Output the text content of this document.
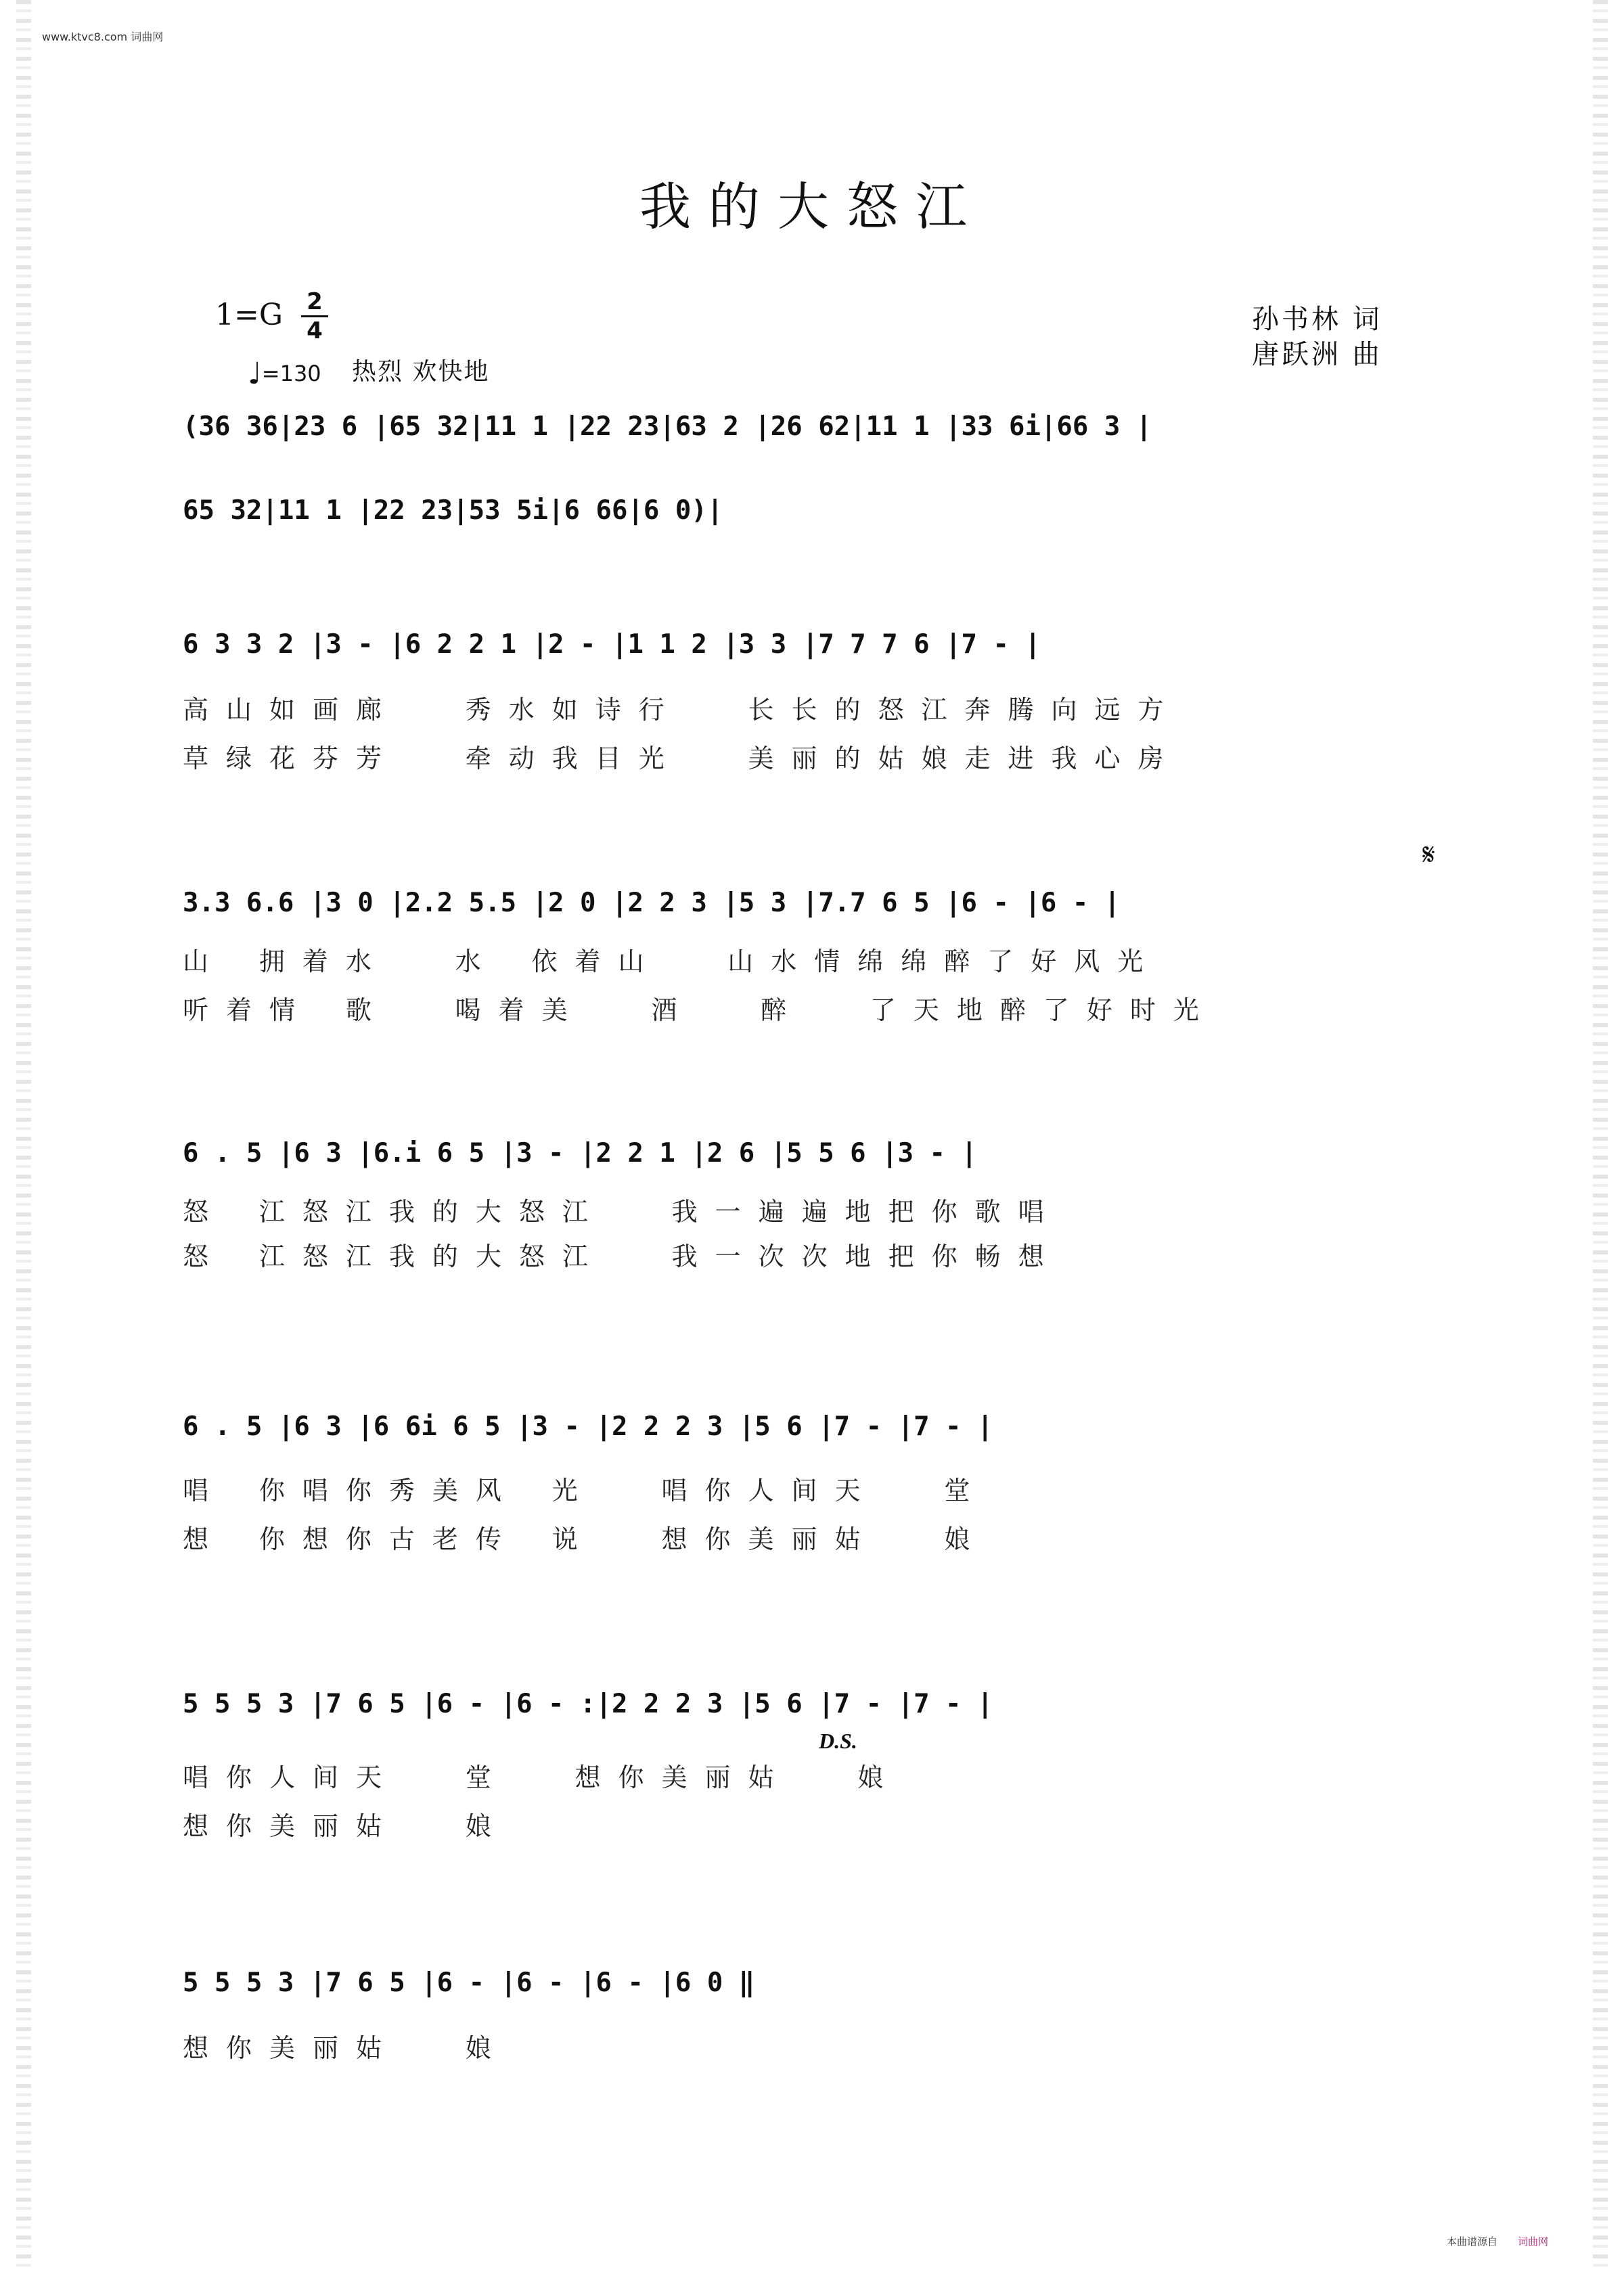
www.ktvc8.com 词曲网
我的大怒江
1=G 2
4
♩=130 热烈 欢快地
孙书林 词
唐跃洲 曲
(36 36|23 6 |65 32|11 1 |22 23|63 2 |26 62|11 1 |33 6i|66 3 |
65 32|11 1 |22 23|53 5i|6 66|6 0)|
6 3 3 2 |3 - |6 2 2 1 |2 - |1 1 2 |3 3 |7 7 7 6 |7 - |
高山如画廊  秀水如诗行  长长的怒江奔腾向远方
草绿花芬芳  牵动我目光  美丽的姑娘走进我心房
𝄋
3.3 6.6 |3 0 |2.2 5.5 |2 0 |2 2 3 |5 3 |7.7 6 5 |6 - |6 - |
山 拥着水  水 依着山  山水情绵绵醉了好风光
听着情 歌  喝着美  酒  醉  了天地醉了好时光
6 . 5 |6 3 |6.i 6 5 |3 - |2 2 1 |2 6 |5 5 6 |3 - |
怒 江怒江我的大怒江  我一遍遍地把你歌唱
怒 江怒江我的大怒江  我一次次地把你畅想
6 . 5 |6 3 |6 6i 6 5 |3 - |2 2 2 3 |5 6 |7 - |7 - |
唱 你唱你秀美风 光  唱你人间天  堂
想 你想你古老传 说  想你美丽姑  娘
5 5 5 3 |7 6 5 |6 - |6 - :|2 2 2 3 |5 6 |7 - |7 - |
D.S.
唱你人间天  堂  想你美丽姑  娘
想你美丽姑  娘
5 5 5 3 |7 6 5 |6 - |6 - |6 - |6 0 ‖
想你美丽姑  娘
本曲谱源自 词曲网
